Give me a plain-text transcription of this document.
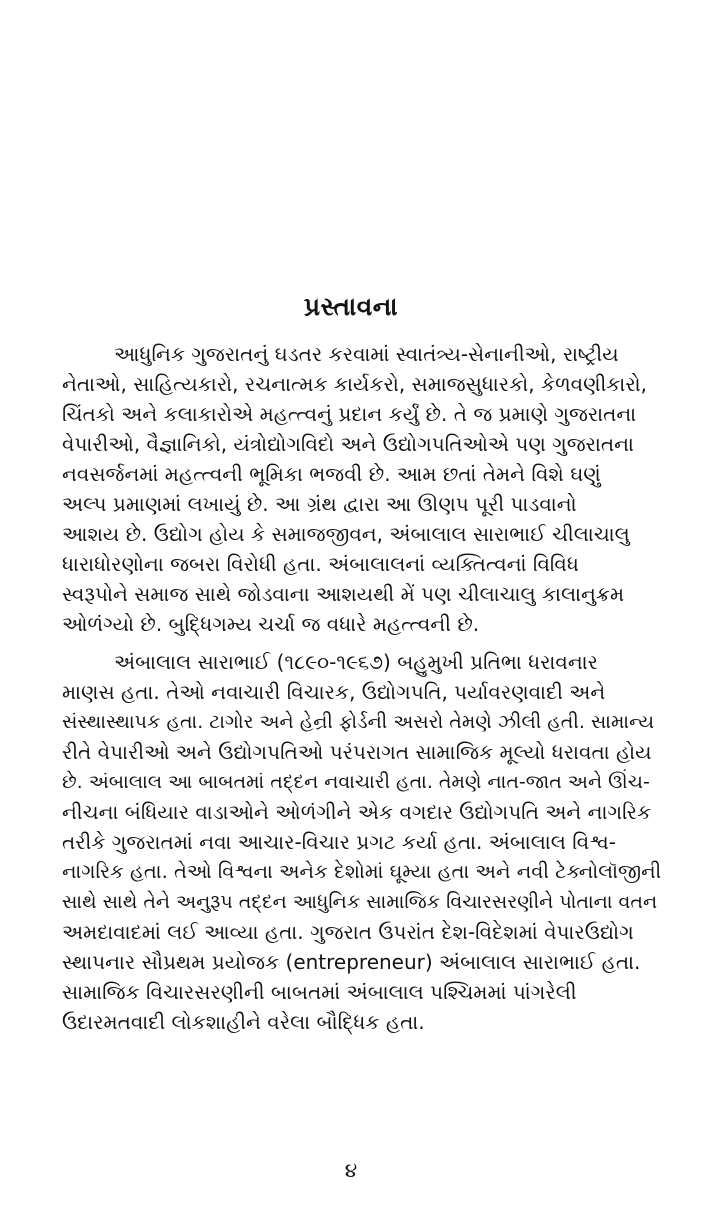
પ્રસ્તાવના
આધુનિક ગુજરાતનું ઘડતર કરવામાં સ્વાતંત્ર્ય-સેનાનીઓ, રાષ્ટ્રીય
નેતાઓ, સાહિત્યકારો, રચનાત્મક કાર્યકરો, સમાજસુધારકો, કેળવણીકારો,
ચિંતકો અને કલાકારોએ મહત્ત્વનું પ્રદાન કર્યું છે. તે જ પ્રમાણે ગુજરાતના
વેપારીઓ, વૈજ્ઞાનિકો, યંત્રોદ્યોગવિદો અને ઉદ્યોગપતિઓએ પણ ગુજરાતના
નવસર્જનમાં મહત્ત્વની ભૂમિકા ભજવી છે. આમ છતાં તેમને વિશે ઘણું
અલ્પ પ્રમાણમાં લખાયું છે. આ ગ્રંથ દ્વારા આ ઊણપ પૂરી પાડવાનો
આશય છે. ઉદ્યોગ હોય કે સમાજજીવન, અંબાલાલ સારાભાઈ ચીલાચાલુ
ધારાધોરણોના જબરા વિરોધી હતા. અંબાલાલનાં વ્યક્તિત્વનાં વિવિધ
સ્વરૂપોને સમાજ સાથે જોડવાના આશયથી મેં પણ ચીલાચાલુ કાલાનુક્રમ
ઓળંગ્યો છે. બુદ્ધિગમ્ય ચર્ચા જ વધારે મહત્ત્વની છે.
અંબાલાલ સારાભાઈ (૧૮૯૦-૧૯૬૭) બહુમુખી પ્રતિભા ધરાવનાર
માણસ હતા. તેઓ નવાચારી વિચારક, ઉદ્યોગપતિ, પર્યાવરણવાદી અને
સંસ્થાસ્થાપક હતા. ટાગોર અને હેન્રી ફોર્ડની અસરો તેમણે ઝીલી હતી. સામાન્ય
રીતે વેપારીઓ અને ઉદ્યોગપતિઓ પરંપરાગત સામાજિક મૂલ્યો ધરાવતા હોય
છે. અંબાલાલ આ બાબતમાં તદ્દન નવાચારી હતા. તેમણે નાત-જાત અને ઊંચ-
નીચના બંધિયાર વાડાઓને ઓળંગીને એક વગદાર ઉદ્યોગપતિ અને નાગરિક
તરીકે ગુજરાતમાં નવા આચાર-વિચાર પ્રગટ કર્યા હતા. અંબાલાલ વિશ્વ-
નાગરિક હતા. તેઓ વિશ્વના અનેક દેશોમાં ઘૂમ્યા હતા અને નવી ટેક્નોલૉજીની
સાથે સાથે તેને અનુરૂપ તદ્દન આધુનિક સામાજિક વિચારસરણીને પોતાના વતન
અમદાવાદમાં લઈ આવ્યા હતા. ગુજરાત ઉપરાંત દેશ-વિદેશમાં વેપારઉદ્યોગ
સ્થાપનાર સૌપ્રથમ પ્રયોજક (entrepreneur) અંબાલાલ સારાભાઈ હતા.
સામાજિક વિચારસરણીની બાબતમાં અંબાલાલ પશ્ચિમમાં પાંગરેલી
ઉદારમતવાદી લોકશાહીને વરેલા બૌદ્ધિક હતા.
૪
